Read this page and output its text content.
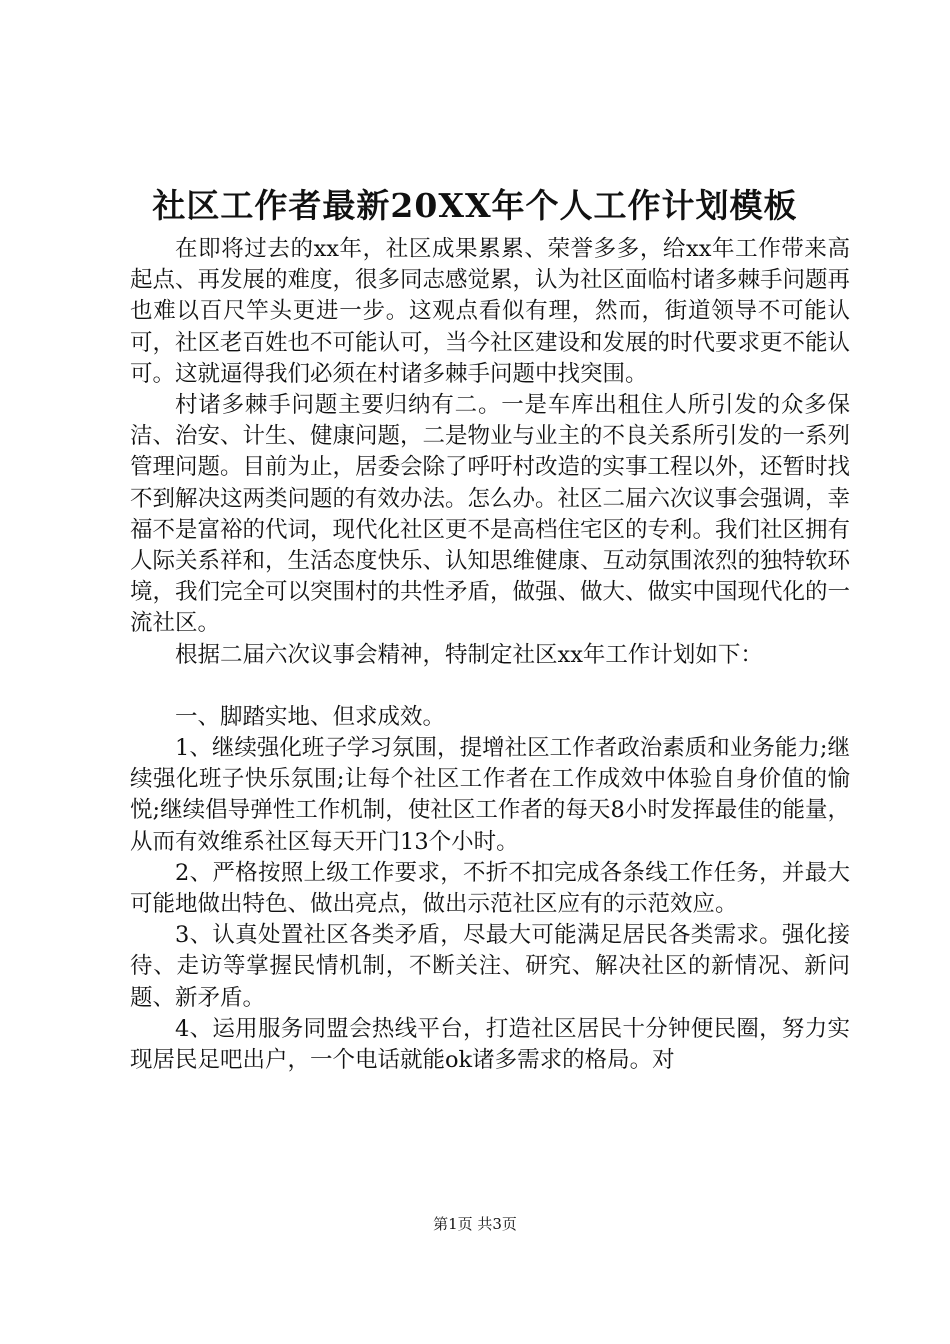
社区工作者最新20XX年个人工作计划模板

在即将过去的xx年，社区成果累累、荣誉多多，给xx年工作带来高起点、再发展的难度，很多同志感觉累，认为社区面临村诸多棘手问题再也难以百尺竿头更进一步。这观点看似有理，然而，街道领导不可能认可，社区老百姓也不可能认可，当今社区建设和发展的时代要求更不能认可。这就逼得我们必须在村诸多棘手问题中找突围。

村诸多棘手问题主要归纳有二。一是车库出租住人所引发的众多保洁、治安、计生、健康问题，二是物业与业主的不良关系所引发的一系列管理问题。目前为止，居委会除了呼吁村改造的实事工程以外，还暂时找不到解决这两类问题的有效办法。怎么办。社区二届六次议事会强调，幸福不是富裕的代词，现代化社区更不是高档住宅区的专利。我们社区拥有人际关系祥和，生活态度快乐、认知思维健康、互动氛围浓烈的独特软环境，我们完全可以突围村的共性矛盾，做强、做大、做实中国现代化的一流社区。

根据二届六次议事会精神，特制定社区xx年工作计划如下：

一、脚踏实地、但求成效。

1、继续强化班子学习氛围，提增社区工作者政治素质和业务能力;继续强化班子快乐氛围;让每个社区工作者在工作成效中体验自身价值的愉悦;继续倡导弹性工作机制，使社区工作者的每天8小时发挥最佳的能量，从而有效维系社区每天开门13个小时。

2、严格按照上级工作要求，不折不扣完成各条线工作任务，并最大可能地做出特色、做出亮点，做出示范社区应有的示范效应。

3、认真处置社区各类矛盾，尽最大可能满足居民各类需求。强化接待、走访等掌握民情机制，不断关注、研究、解决社区的新情况、新问题、新矛盾。

4、运用服务同盟会热线平台，打造社区居民十分钟便民圈，努力实现居民足吧出户，一个电话就能ok诸多需求的格局。对

第1页 共3页
